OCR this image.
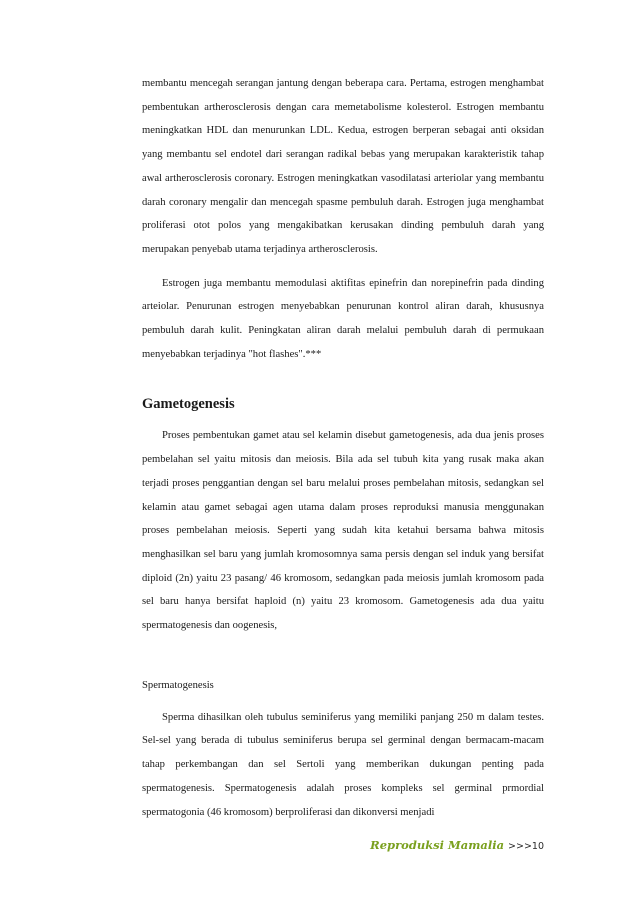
membantu mencegah serangan jantung dengan beberapa cara. Pertama, estrogen menghambat pembentukan artherosclerosis dengan cara memetabolisme kolesterol. Estrogen membantu meningkatkan HDL dan menurunkan LDL. Kedua, estrogen berperan sebagai anti oksidan yang membantu sel endotel dari serangan radikal bebas yang merupakan karakteristik tahap awal artherosclerosis coronary. Estrogen meningkatkan vasodilatasi arteriolar yang membantu darah coronary mengalir dan mencegah spasme pembuluh darah. Estrogen juga menghambat proliferasi otot polos yang mengakibatkan kerusakan dinding pembuluh darah yang merupakan penyebab utama terjadinya artherosclerosis.

Estrogen juga membantu memodulasi aktifitas epinefrin dan norepinefrin pada dinding arteiolar. Penurunan estrogen menyebabkan penurunan kontrol aliran darah, khususnya pembuluh darah kulit. Peningkatan aliran darah melalui pembuluh darah di permukaan menyebabkan terjadinya "hot flashes".***

Gametogenesis

Proses pembentukan gamet atau sel kelamin disebut gametogenesis, ada dua jenis proses pembelahan sel yaitu mitosis dan meiosis. Bila ada sel tubuh kita yang rusak maka akan terjadi proses penggantian dengan sel baru melalui proses pembelahan mitosis, sedangkan sel kelamin atau gamet sebagai agen utama dalam proses reproduksi manusia menggunakan proses pembelahan meiosis. Seperti yang sudah kita ketahui bersama bahwa mitosis menghasilkan sel baru yang jumlah kromosomnya sama persis dengan sel induk yang bersifat diploid (2n) yaitu 23 pasang/ 46 kromosom, sedangkan pada meiosis jumlah kromosom pada sel baru hanya bersifat haploid (n) yaitu 23 kromosom. Gametogenesis ada dua yaitu spermatogenesis dan oogenesis,

Spermatogenesis

Sperma dihasilkan oleh tubulus seminiferus yang memiliki panjang 250 m dalam testes. Sel-sel yang berada di tubulus seminiferus berupa sel germinal dengan bermacam-macam tahap perkembangan dan sel Sertoli yang memberikan dukungan penting pada spermatogenesis. Spermatogenesis adalah proses kompleks sel germinal prmordial spermatogonia (46 kromosom) berproliferasi dan dikonversi menjadi

Reproduksi Mamalia >>>10
